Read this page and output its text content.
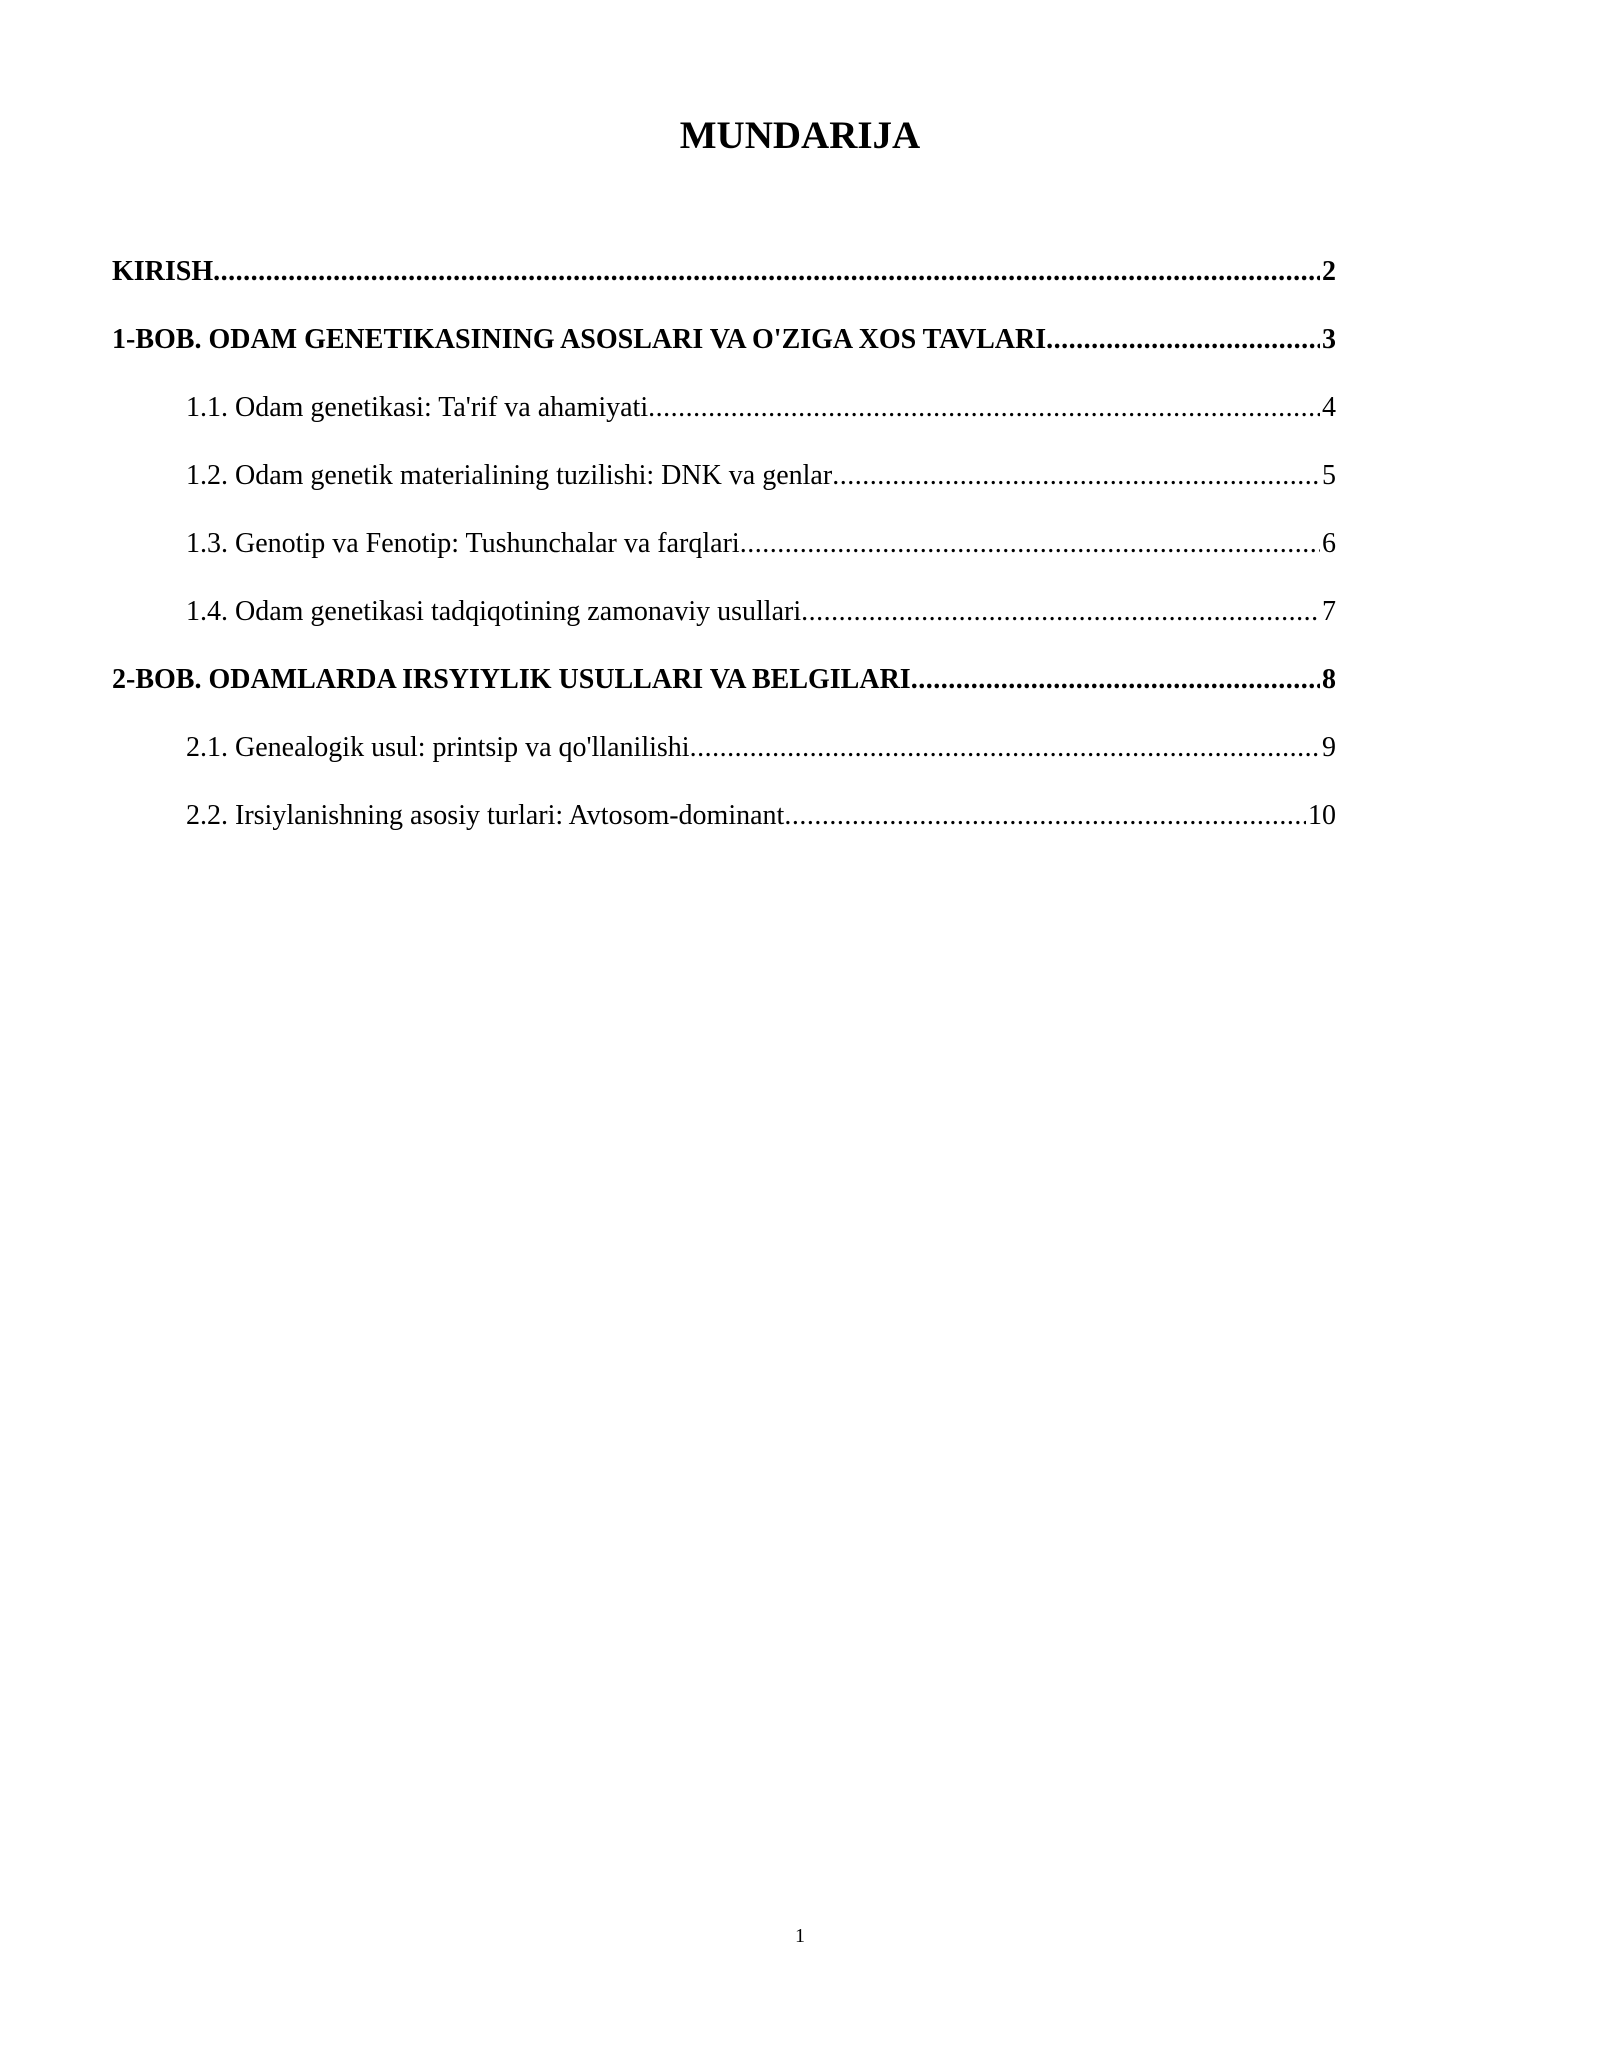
MUNDARIJA
KIRISH .....	2
1-BOB. ODAM GENETIKASINING ASOSLARI VA O'ZIGA XOS TAVLARI .....	3
1.1. Odam genetikasi: Ta'rif va ahamiyati .....	4
1.2. Odam genetik materialining tuzilishi: DNK va genlar .....	5
1.3. Genotip va Fenotip: Tushunchalar va farqlari .....	6
1.4. Odam genetikasi tadqiqotining zamonaviy usullari .....	7
2-BOB. ODAMLARDA IRSYIYLIK USULLARI VA BELGILARI .....	8
2.1. Genealogik usul: printsip va qo'llanilishi .....	9
2.2. Irsiylanishning asosiy turlari: Avtosom-dominant .....	10
1
